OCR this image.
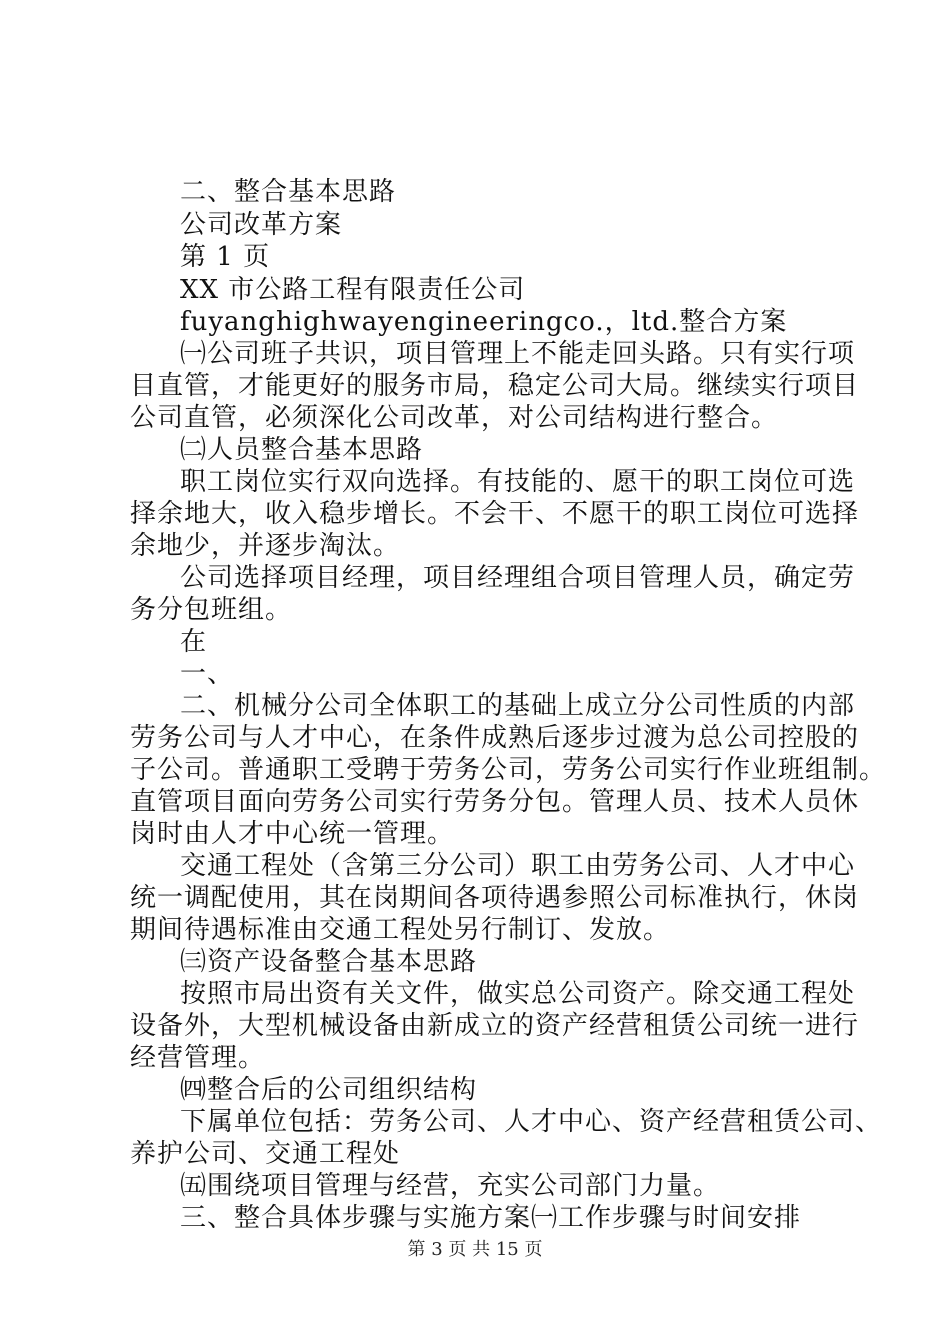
二、整合基本思路
公司改革方案
第 1 页
XX 市公路工程有限责任公司
fuyanghighwayengineeringco.，ltd.整合方案
㈠公司班子共识，项目管理上不能走回头路。只有实行项
目直管，才能更好的服务市局，稳定公司大局。继续实行项目
公司直管，必须深化公司改革，对公司结构进行整合。
㈡人员整合基本思路
职工岗位实行双向选择。有技能的、愿干的职工岗位可选
择余地大，收入稳步增长。不会干、不愿干的职工岗位可选择
余地少，并逐步淘汰。
公司选择项目经理，项目经理组合项目管理人员，确定劳
务分包班组。
在
一、
二、机械分公司全体职工的基础上成立分公司性质的内部
劳务公司与人才中心，在条件成熟后逐步过渡为总公司控股的
子公司。普通职工受聘于劳务公司，劳务公司实行作业班组制。
直管项目面向劳务公司实行劳务分包。管理人员、技术人员休
岗时由人才中心统一管理。
交通工程处（含第三分公司）职工由劳务公司、人才中心
统一调配使用，其在岗期间各项待遇参照公司标准执行，休岗
期间待遇标准由交通工程处另行制订、发放。
㈢资产设备整合基本思路
按照市局出资有关文件，做实总公司资产。除交通工程处
设备外，大型机械设备由新成立的资产经营租赁公司统一进行
经营管理。
㈣整合后的公司组织结构
下属单位包括：劳务公司、人才中心、资产经营租赁公司、
养护公司、交通工程处
㈤围绕项目管理与经营，充实公司部门力量。
三、整合具体步骤与实施方案㈠工作步骤与时间安排
第 3 页 共 15 页
